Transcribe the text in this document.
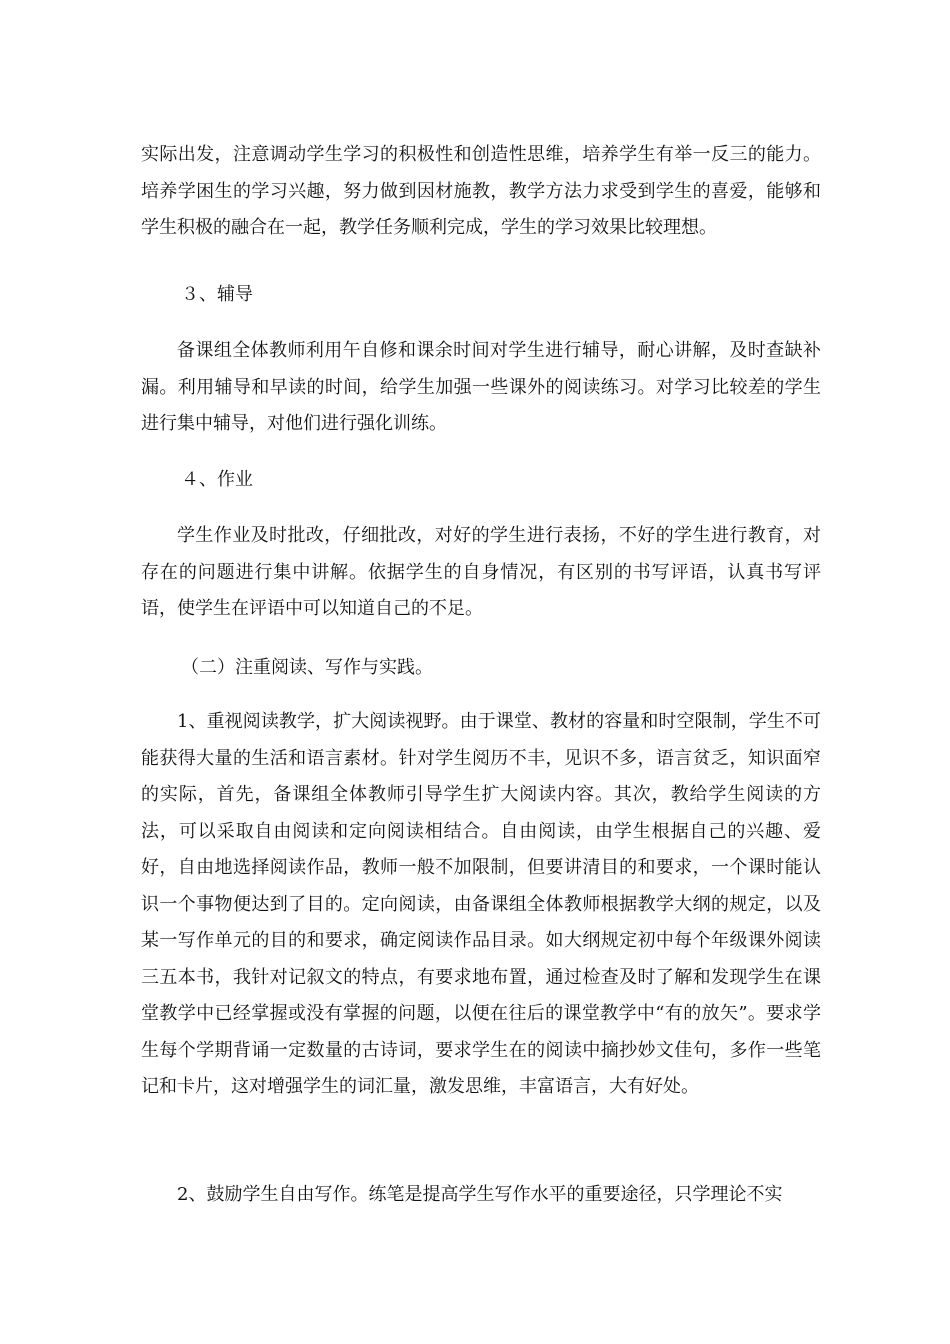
实际出发，注意调动学生学习的积极性和创造性思维，培养学生有举一反三的能力。培养学困生的学习兴趣，努力做到因材施教，教学方法力求受到学生的喜爱，能够和学生积极的融合在一起，教学任务顺利完成，学生的学习效果比较理想。

３、辅导

备课组全体教师利用午自修和课余时间对学生进行辅导，耐心讲解，及时查缺补漏。利用辅导和早读的时间，给学生加强一些课外的阅读练习。对学习比较差的学生进行集中辅导，对他们进行强化训练。

４、作业

学生作业及时批改，仔细批改，对好的学生进行表扬，不好的学生进行教育，对存在的问题进行集中讲解。依据学生的自身情况，有区别的书写评语，认真书写评语，使学生在评语中可以知道自己的不足。

（二）注重阅读、写作与实践。

1、重视阅读教学，扩大阅读视野。由于课堂、教材的容量和时空限制，学生不可能获得大量的生活和语言素材。针对学生阅历不丰，见识不多，语言贫乏，知识面窄的实际，首先，备课组全体教师引导学生扩大阅读内容。其次，教给学生阅读的方法，可以采取自由阅读和定向阅读相结合。自由阅读，由学生根据自己的兴趣、爱好，自由地选择阅读作品，教师一般不加限制，但要讲清目的和要求，一个课时能认识一个事物便达到了目的。定向阅读，由备课组全体教师根据教学大纲的规定，以及某一写作单元的目的和要求，确定阅读作品目录。如大纲规定初中每个年级课外阅读三五本书，我针对记叙文的特点，有要求地布置，通过检查及时了解和发现学生在课堂教学中已经掌握或没有掌握的问题，以便在往后的课堂教学中“有的放矢”。要求学生每个学期背诵一定数量的古诗词，要求学生在的阅读中摘抄妙文佳句，多作一些笔记和卡片，这对增强学生的词汇量，激发思维，丰富语言，大有好处。

2、鼓励学生自由写作。练笔是提高学生写作水平的重要途径，只学理论不实
